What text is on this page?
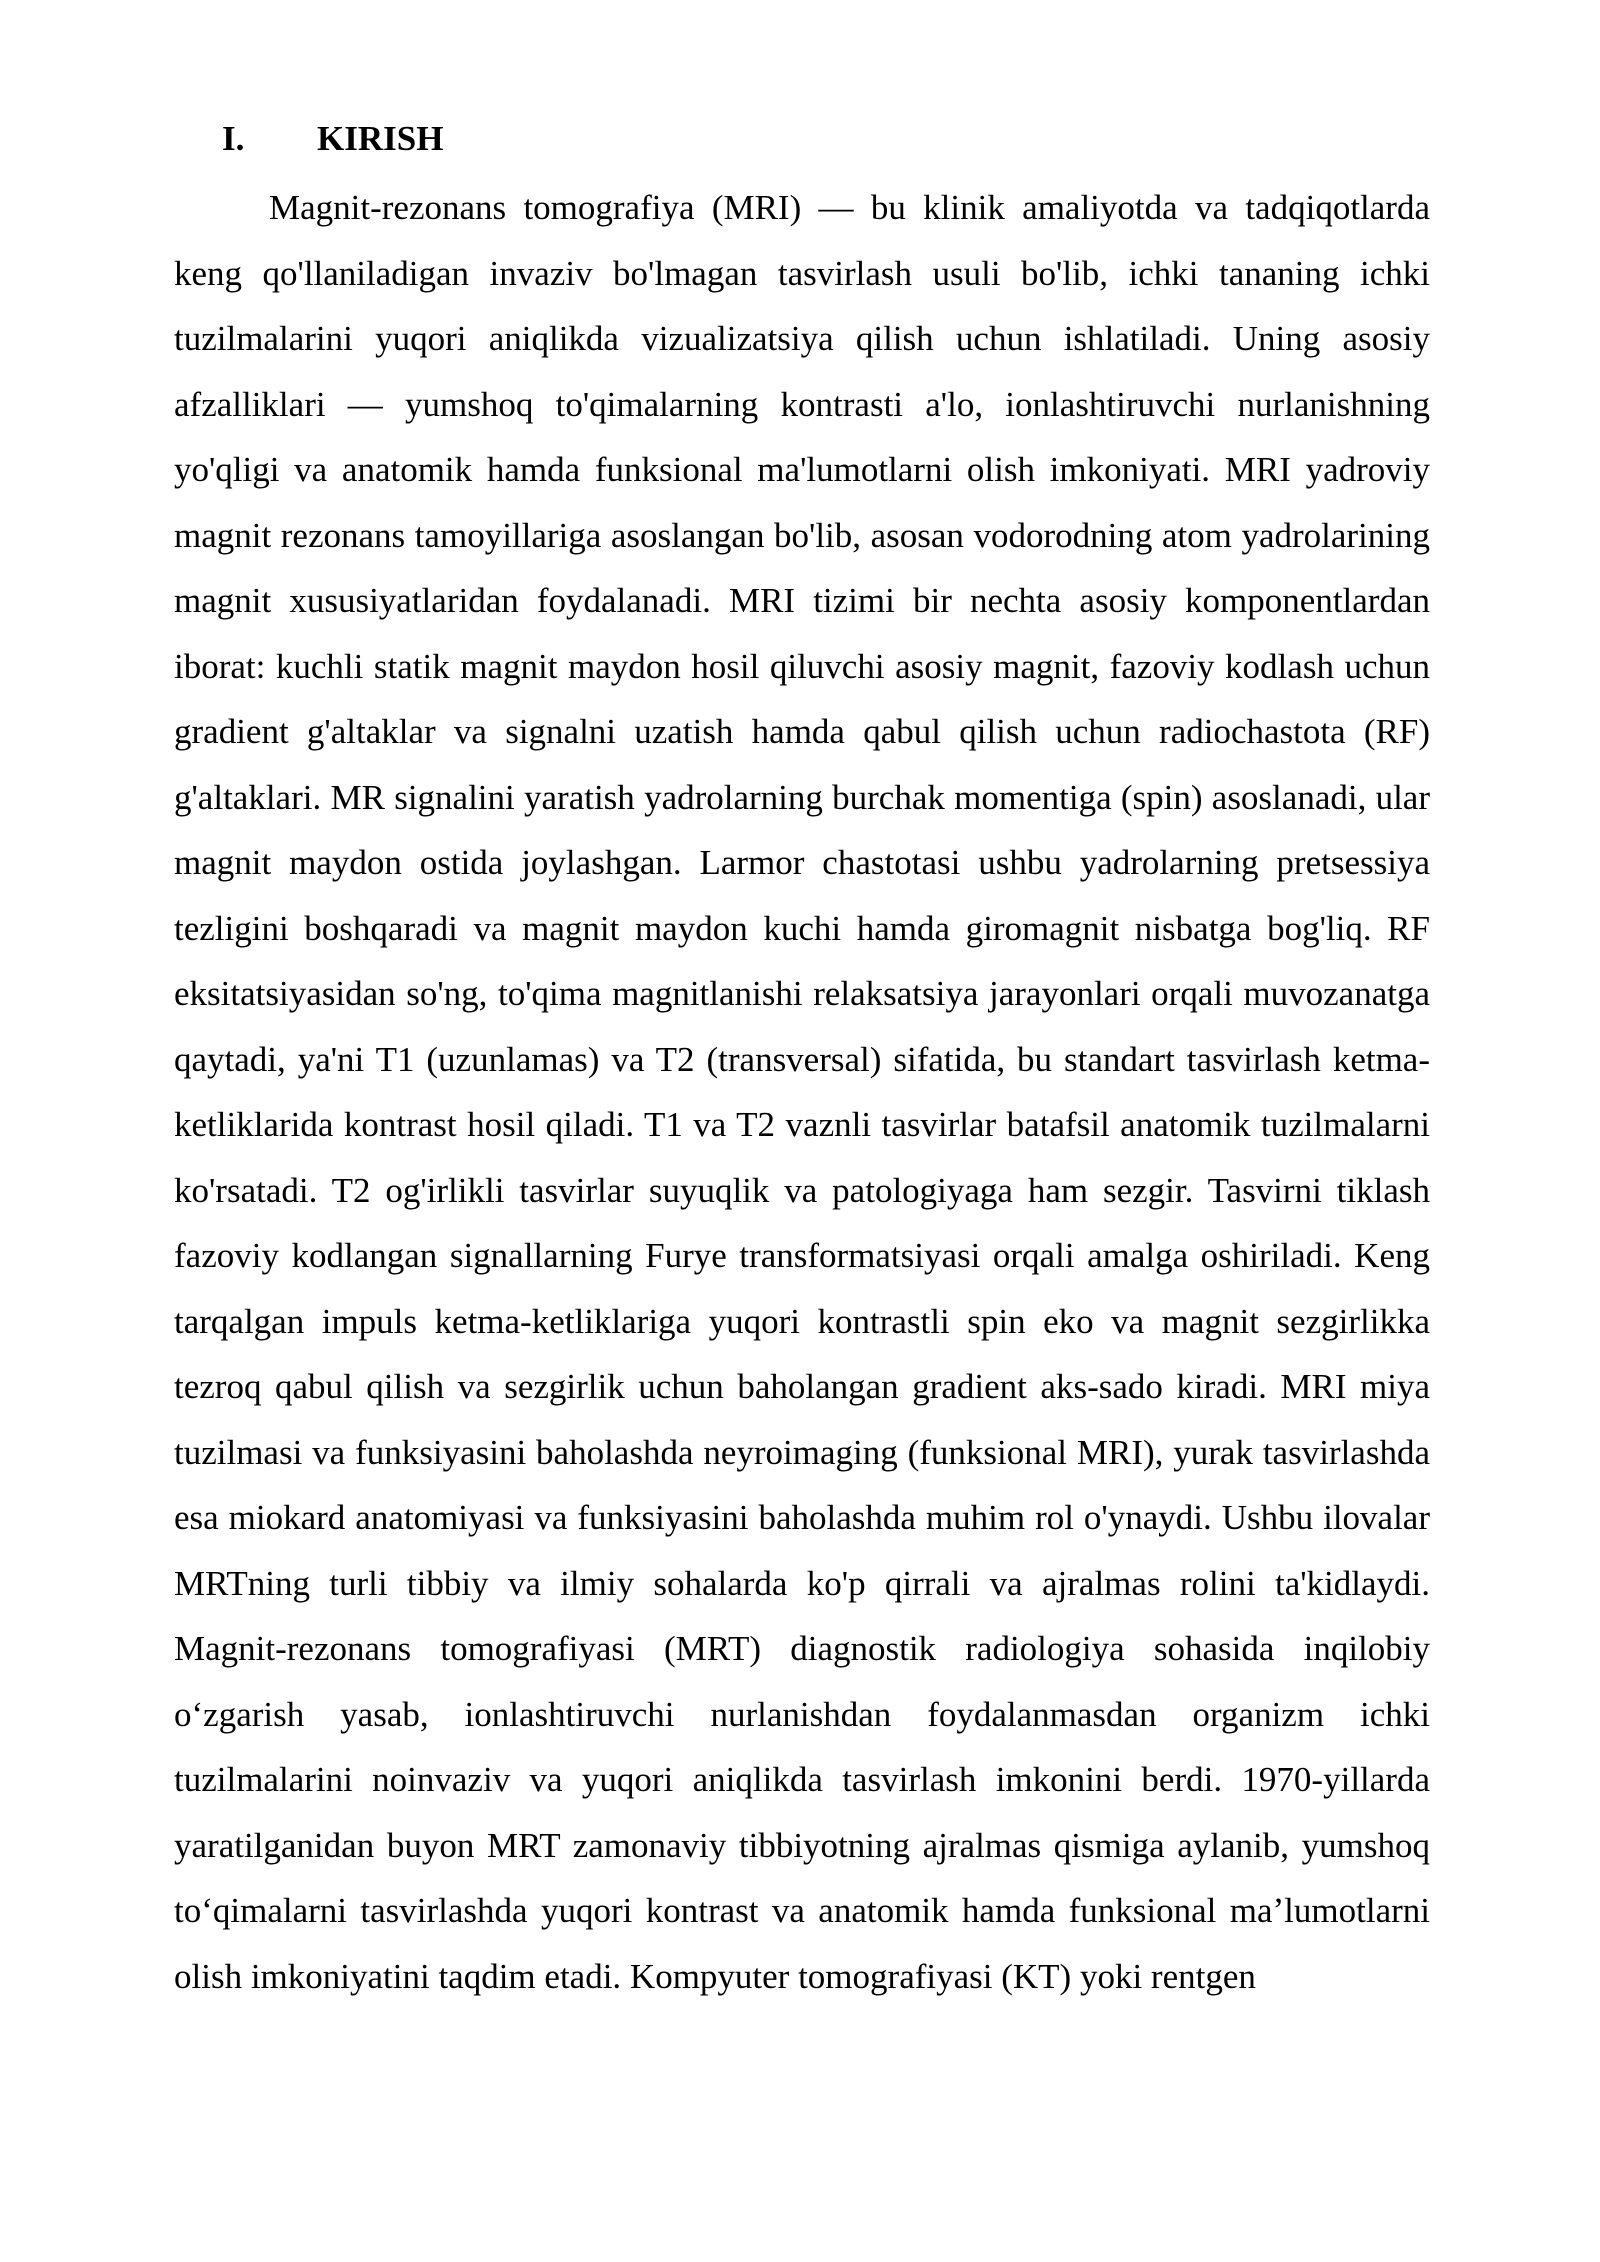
I. KIRISH

Magnit-rezonans tomografiya (MRI) — bu klinik amaliyotda va tadqiqotlarda keng qo'llaniladigan invaziv bo'lmagan tasvirlash usuli bo'lib, ichki tananing ichki tuzilmalarini yuqori aniqlikda vizualizatsiya qilish uchun ishlatiladi. Uning asosiy afzalliklari — yumshoq to'qimalarning kontrasti a'lo, ionlashtiruvchi nurlanishning yo'qligi va anatomik hamda funksional ma'lumotlarni olish imkoniyati. MRI yadroviy magnit rezonans tamoyillariga asoslangan bo'lib, asosan vodorodning atom yadrolarining magnit xususiyatlaridan foydalanadi. MRI tizimi bir nechta asosiy komponentlardan iborat: kuchli statik magnit maydon hosil qiluvchi asosiy magnit, fazoviy kodlash uchun gradient g'altaklar va signalni uzatish hamda qabul qilish uchun radiochastota (RF) g'altaklari. MR signalini yaratish yadrolarning burchak momentiga (spin) asoslanadi, ular magnit maydon ostida joylashgan. Larmor chastotasi ushbu yadrolarning pretsessiya tezligini boshqaradi va magnit maydon kuchi hamda giromagnit nisbatga bog'liq. RF eksitatsiyasidan so'ng, to'qima magnitlanishi relaksatsiya jarayonlari orqali muvozanatga qaytadi, ya'ni T1 (uzunlamas) va T2 (transversal) sifatida, bu standart tasvirlash ketma-ketliklarida kontrast hosil qiladi. T1 va T2 vaznli tasvirlar batafsil anatomik tuzilmalarni ko'rsatadi. T2 og'irlikli tasvirlar suyuqlik va patologiyaga ham sezgir. Tasvirni tiklash fazoviy kodlangan signallarning Furye transformatsiyasi orqali amalga oshiriladi. Keng tarqalgan impuls ketma-ketliklariga yuqori kontrastli spin eko va magnit sezgirlikka tezroq qabul qilish va sezgirlik uchun baholangan gradient aks-sado kiradi. MRI miya tuzilmasi va funksiyasini baholashda neyroimaging (funksional MRI), yurak tasvirlashda esa miokard anatomiyasi va funksiyasini baholashda muhim rol o'ynaydi. Ushbu ilovalar MRTning turli tibbiy va ilmiy sohalarda ko'p qirrali va ajralmas rolini ta'kidlaydi. Magnit-rezonans tomografiyasi (MRT) diagnostik radiologiya sohasida inqilobiy oʻzgarish yasab, ionlashtiruvchi nurlanishdan foydalanmasdan organizm ichki tuzilmalarini noinvaziv va yuqori aniqlikda tasvirlash imkonini berdi. 1970-yillarda yaratilganidan buyon MRT zamonaviy tibbiyotning ajralmas qismiga aylanib, yumshoq toʻqimalarni tasvirlashda yuqori kontrast va anatomik hamda funksional maʼlumotlarni olish imkoniyatini taqdim etadi. Kompyuter tomografiyasi (KT) yoki rentgen
